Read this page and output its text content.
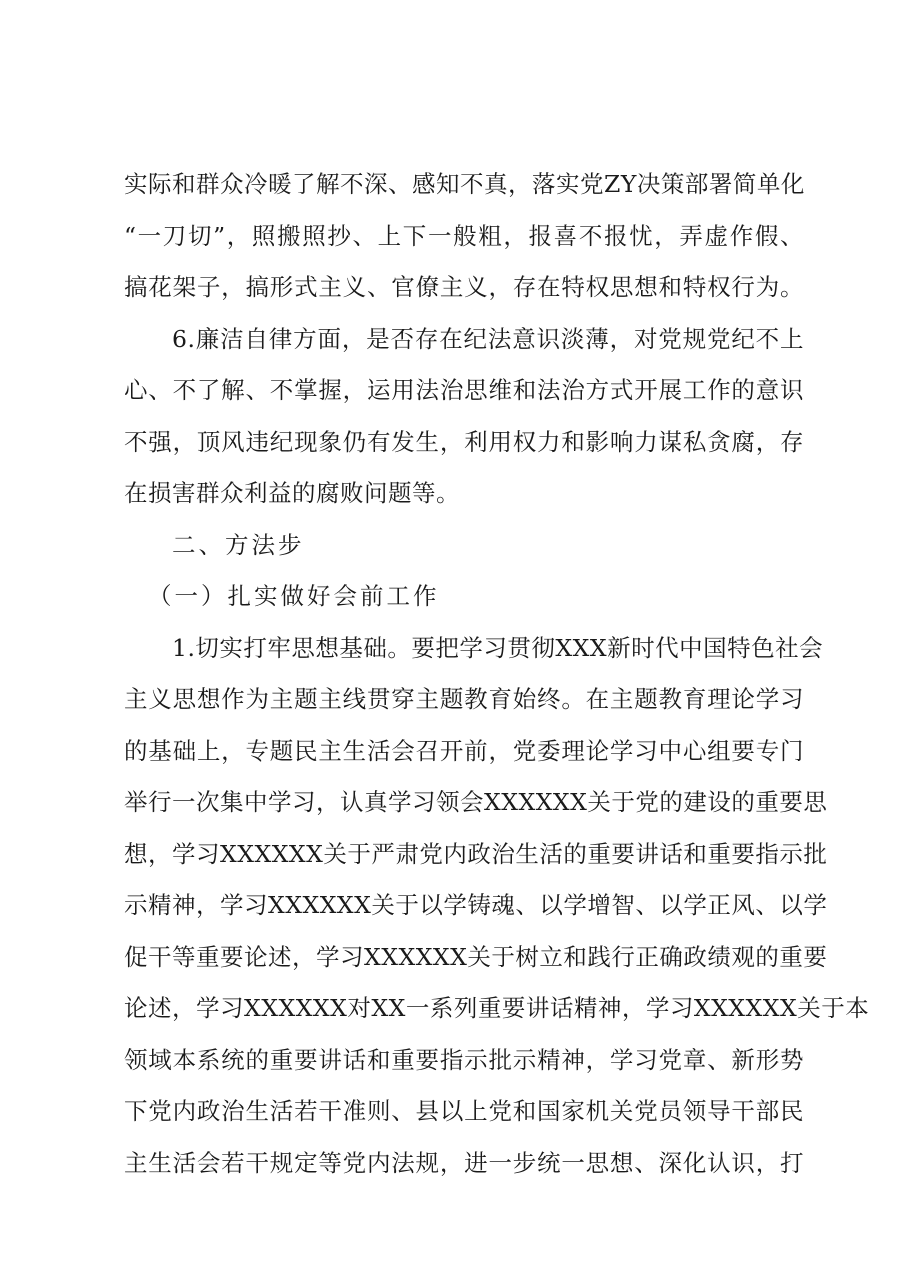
实际和群众冷暖了解不深、感知不真，落实党ZY决策部署简单化
“一刀切”，照搬照抄、上下一般粗，报喜不报忧，弄虚作假、
搞花架子，搞形式主义、官僚主义，存在特权思想和特权行为。
6.廉洁自律方面，是否存在纪法意识淡薄，对党规党纪不上
心、不了解、不掌握，运用法治思维和法治方式开展工作的意识
不强，顶风违纪现象仍有发生，利用权力和影响力谋私贪腐，存
在损害群众利益的腐败问题等。
二、方法步
（一）扎实做好会前工作
1.切实打牢思想基础。要把学习贯彻XXX新时代中国特色社会
主义思想作为主题主线贯穿主题教育始终。在主题教育理论学习
的基础上，专题民主生活会召开前，党委理论学习中心组要专门
举行一次集中学习，认真学习领会XXXXXX关于党的建设的重要思
想，学习XXXXXX关于严肃党内政治生活的重要讲话和重要指示批
示精神，学习XXXXXX关于以学铸魂、以学增智、以学正风、以学
促干等重要论述，学习XXXXXX关于树立和践行正确政绩观的重要
论述，学习XXXXXX对XX一系列重要讲话精神，学习XXXXXX关于本
领域本系统的重要讲话和重要指示批示精神，学习党章、新形势
下党内政治生活若干准则、县以上党和国家机关党员领导干部民
主生活会若干规定等党内法规，进一步统一思想、深化认识，打
